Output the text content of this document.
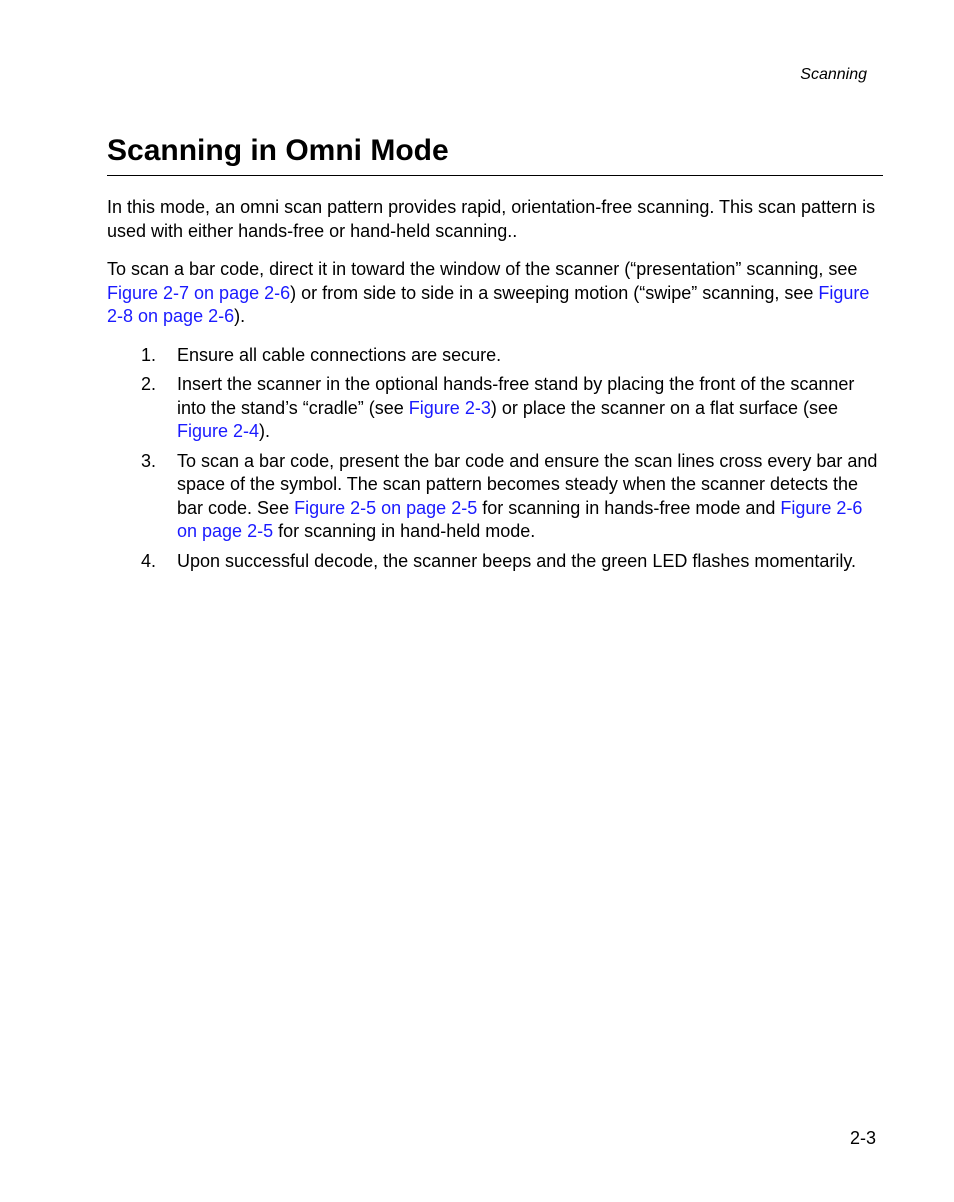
Scanning
Scanning in Omni Mode

In this mode, an omni scan pattern provides rapid, orientation-free scanning. This scan pattern is used with either hands-free or hand-held scanning..

To scan a bar code, direct it in toward the window of the scanner (“presentation” scanning, see Figure 2-7 on page 2-6) or from side to side in a sweeping motion (“swipe” scanning, see Figure 2-8 on page 2-6).

1. Ensure all cable connections are secure.
2. Insert the scanner in the optional hands-free stand by placing the front of the scanner into the stand’s “cradle” (see Figure 2-3) or place the scanner on a flat surface (see Figure 2-4).
3. To scan a bar code, present the bar code and ensure the scan lines cross every bar and space of the symbol. The scan pattern becomes steady when the scanner detects the bar code. See Figure 2-5 on page 2-5 for scanning in hands-free mode and Figure 2-6 on page 2-5 for scanning in hand-held mode.
4. Upon successful decode, the scanner beeps and the green LED flashes momentarily.
2-3
